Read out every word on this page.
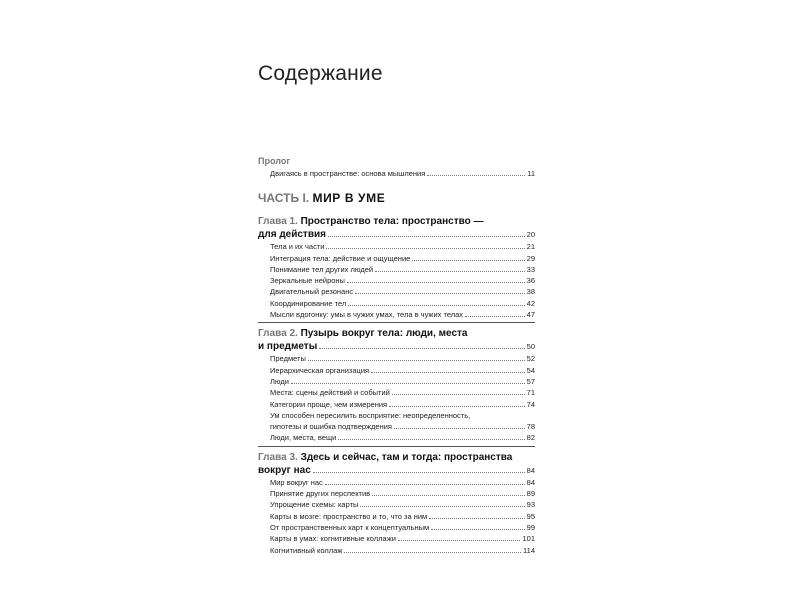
Содержание
Пролог
Двигаясь в пространстве: основа мышления	11
ЧАСТЬ I. МИР В УМЕ
Глава 1. Пространство тела: пространство —
для действия	20
Тела и их части	21
Интеграция тела: действие и ощущение	29
Понимание тел других людей	33
Зеркальные нейроны	36
Двигательный резонанс	38
Координирование тел	42
Мысли вдогонку: умы в чужих умах, тела в чужих телах	47
Глава 2. Пузырь вокруг тела: люди, места
и предметы	50
Предметы	52
Иерархическая организация	54
Люди	57
Места: сцены действий и событий	71
Категории проще, чем измерения	74
Ум способен пересилить восприятие: неопределенность,
гипотезы и ошибка подтверждения	78
Люди, места, вещи	82
Глава 3. Здесь и сейчас, там и тогда: пространства
вокруг нас	84
Мир вокруг нас	84
Принятие других перспектив	89
Упрощение схемы: карты	93
Карты в мозге: пространство и то, что за ним	95
От пространственных карт к концептуальным	99
Карты в умах: когнитивные коллажи	101
Когнитивный коллаж	114
